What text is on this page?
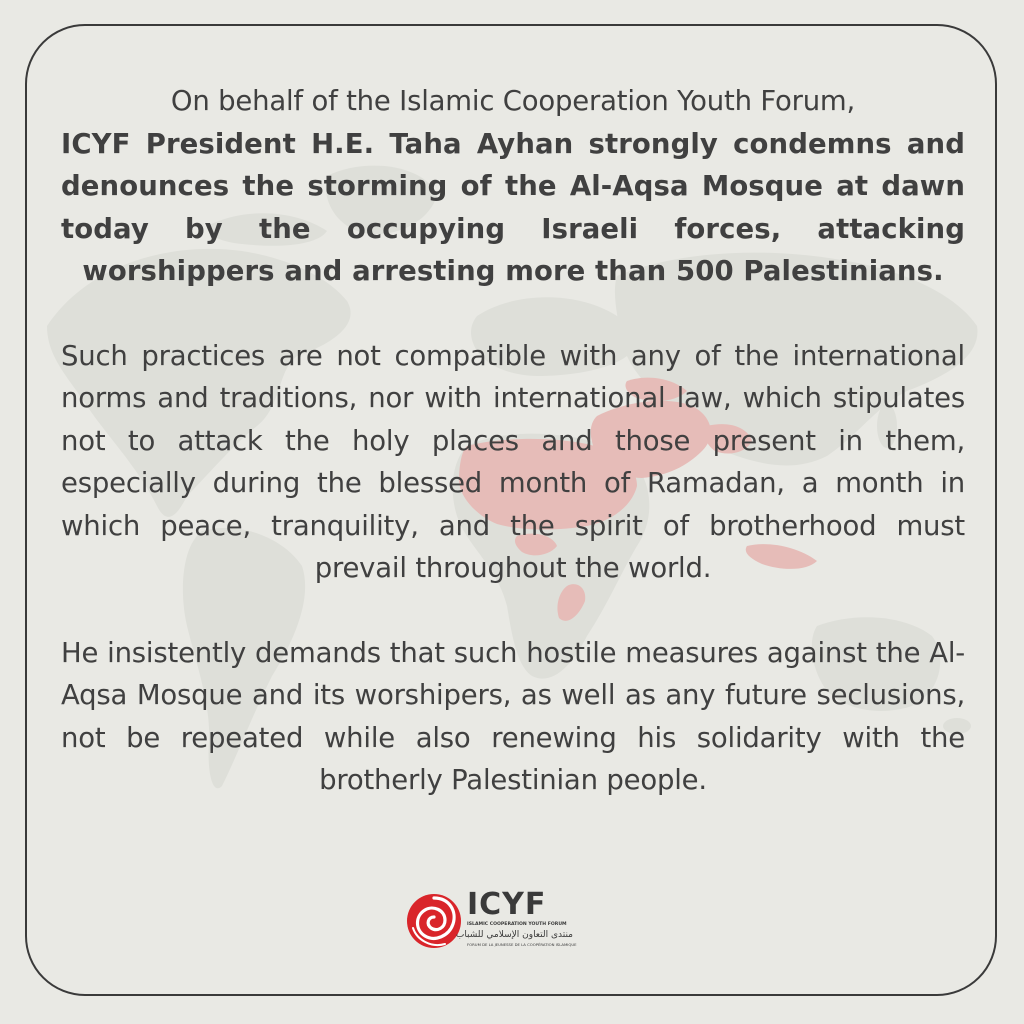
On behalf of the Islamic Cooperation Youth Forum,

ICYF President H.E. Taha Ayhan strongly condemns and denounces the storming of the Al-Aqsa Mosque at dawn today by the occupying Israeli forces, attacking worshippers and arresting more than 500 Palestinians.

Such practices are not compatible with any of the international norms and traditions, nor with international law, which stipulates not to attack the holy places and those present in them, especially during the blessed month of Ramadan, a month in which peace, tranquility, and the spirit of brotherhood must prevail throughout the world.

He insistently demands that such hostile measures against the Al-Aqsa Mosque and its worshipers, as well as any future seclusions, not be repeated while also renewing his solidarity with the brotherly Palestinian people.

ICYF
ISLAMIC COOPERATION YOUTH FORUM
منتدى التعاون الإسلامي للشباب
FORUM DE LA JEUNESSE DE LA COOPÉRATION ISLAMIQUE
